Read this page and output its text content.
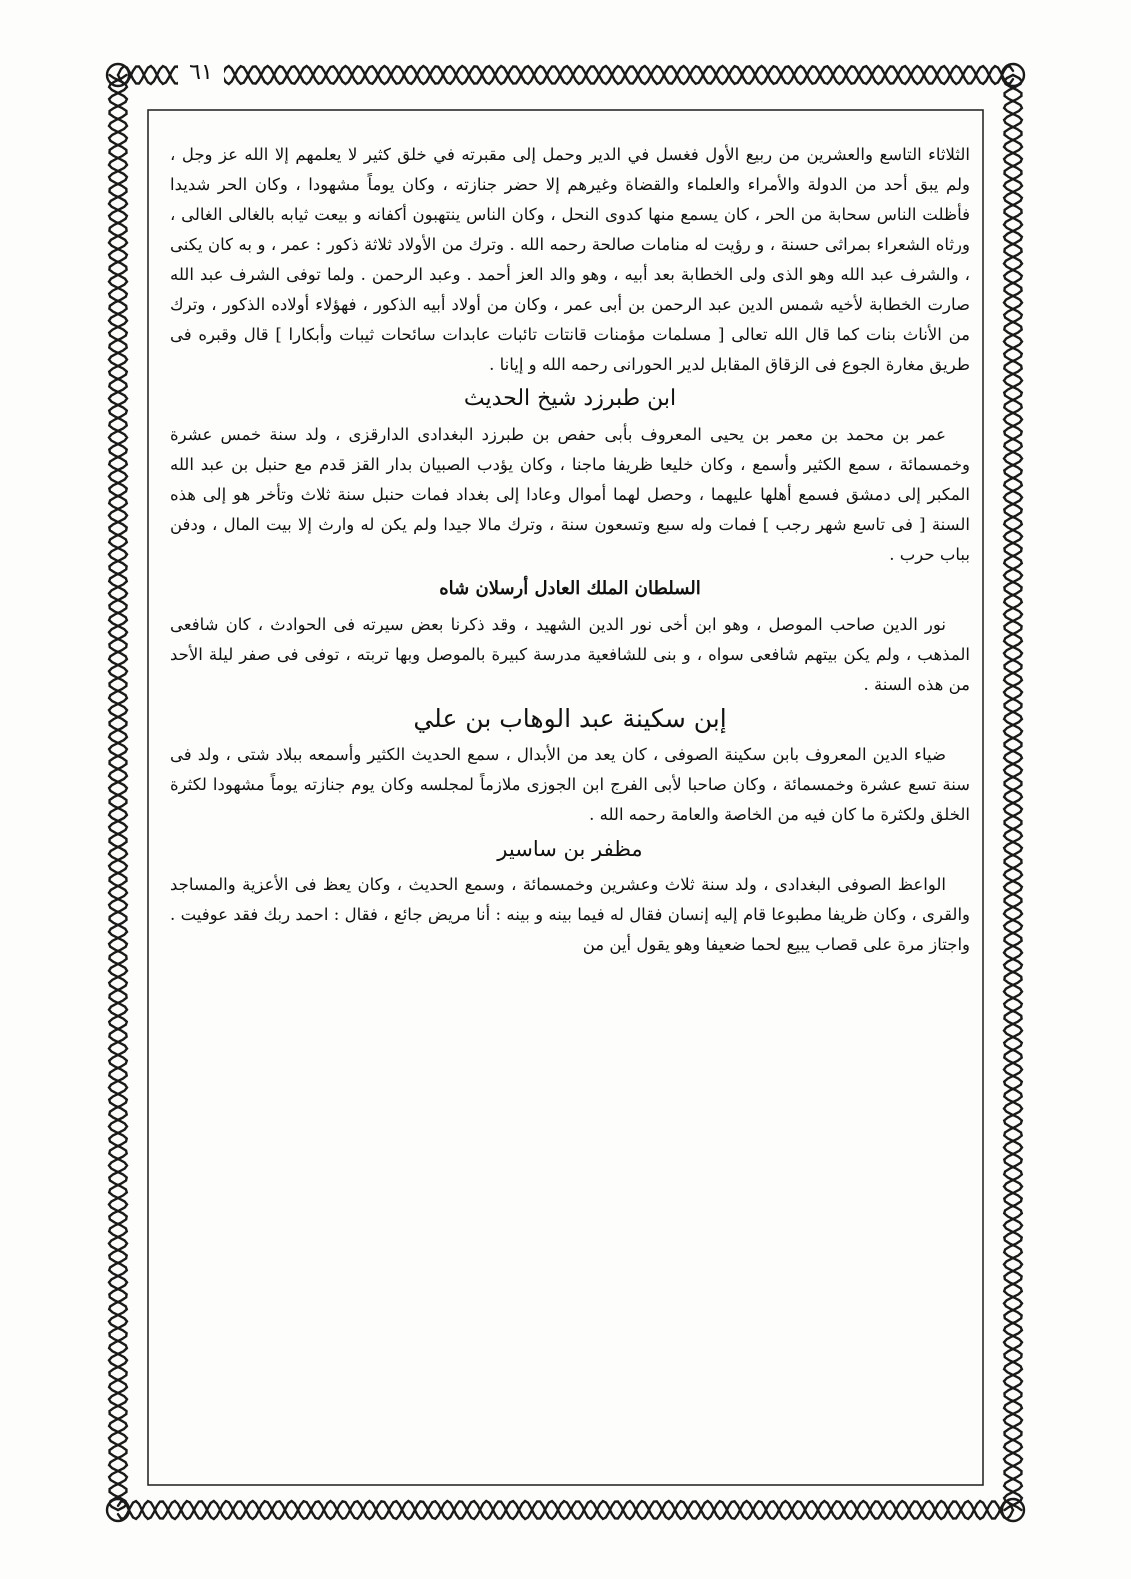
٦١

الثلاثاء التاسع والعشرين من ربيع الأول فغسل في الدير وحمل إلى مقبرته في خلق كثير لا يعلمهم إلا الله عز وجل ، ولم يبق أحد من الدولة والأمراء والعلماء والقضاة وغيرهم إلا حضر جنازته ، وكان يوماً مشهودا ، وكان الحر شديدا فأظلت الناس سحابة من الحر ، كان يسمع منها كدوى النحل ، وكان الناس ينتهبون أكفانه و بيعت ثيابه بالغالى الغالى ، ورثاه الشعراء بمراثى حسنة ، و رؤيت له منامات صالحة رحمه الله . وترك من الأولاد ثلاثة ذكور : عمر ، و به كان يكنى ، والشرف عبد الله وهو الذى ولى الخطابة بعد أبيه ، وهو والد العز أحمد . وعبد الرحمن . ولما توفى الشرف عبد الله صارت الخطابة لأخيه شمس الدين عبد الرحمن بن أبى عمر ، وكان من أولاد أبيه الذكور ، فهؤلاء أولاده الذكور ، وترك من الأناث بنات كما قال الله تعالى [ مسلمات مؤمنات قانتات تائبات عابدات سائحات ثيبات وأبكارا ] قال وقبره فى طريق مغارة الجوع فى الزقاق المقابل لدير الحورانى رحمه الله و إيانا .

ابن طبرزد شيخ الحديث

عمر بن محمد بن معمر بن يحيى المعروف بأبى حفص بن طبرزد البغدادى الدارقزى ، ولد سنة خمس عشرة وخمسمائة ، سمع الكثير وأسمع ، وكان خليعا ظريفا ماجنا ، وكان يؤدب الصبيان بدار القز قدم مع حنبل بن عبد الله المكبر إلى دمشق فسمع أهلها عليهما ، وحصل لهما أموال وعادا إلى بغداد فمات حنبل سنة ثلاث وتأخر هو إلى هذه السنة [ فى تاسع شهر رجب ] فمات وله سبع وتسعون سنة ، وترك مالا جيدا ولم يكن له وارث إلا بيت المال ، ودفن بباب حرب .

السلطان الملك العادل أرسلان شاه

نور الدين صاحب الموصل ، وهو ابن أخى نور الدين الشهيد ، وقد ذكرنا بعض سيرته فى الحوادث ، كان شافعى المذهب ، ولم يكن بيتهم شافعى سواه ، و بنى للشافعية مدرسة كبيرة بالموصل وبها تربته ، توفى فى صفر ليلة الأحد من هذه السنة .

إبن سكينة عبد الوهاب بن علي

ضياء الدين المعروف بابن سكينة الصوفى ، كان يعد من الأبدال ، سمع الحديث الكثير وأسمعه ببلاد شتى ، ولد فى سنة تسع عشرة وخمسمائة ، وكان صاحبا لأبى الفرج ابن الجوزى ملازماً لمجلسه وكان يوم جنازته يوماً مشهودا لكثرة الخلق ولكثرة ما كان فيه من الخاصة والعامة رحمه الله .

مظفر بن ساسير

الواعظ الصوفى البغدادى ، ولد سنة ثلاث وعشرين وخمسمائة ، وسمع الحديث ، وكان يعظ فى الأعزية والمساجد والقرى ، وكان ظريفا مطبوعا قام إليه إنسان فقال له فيما بينه و بينه : أنا مريض جائع ، فقال : احمد ربك فقد عوفيت . واجتاز مرة على قصاب يبيع لحما ضعيفا وهو يقول أين من
